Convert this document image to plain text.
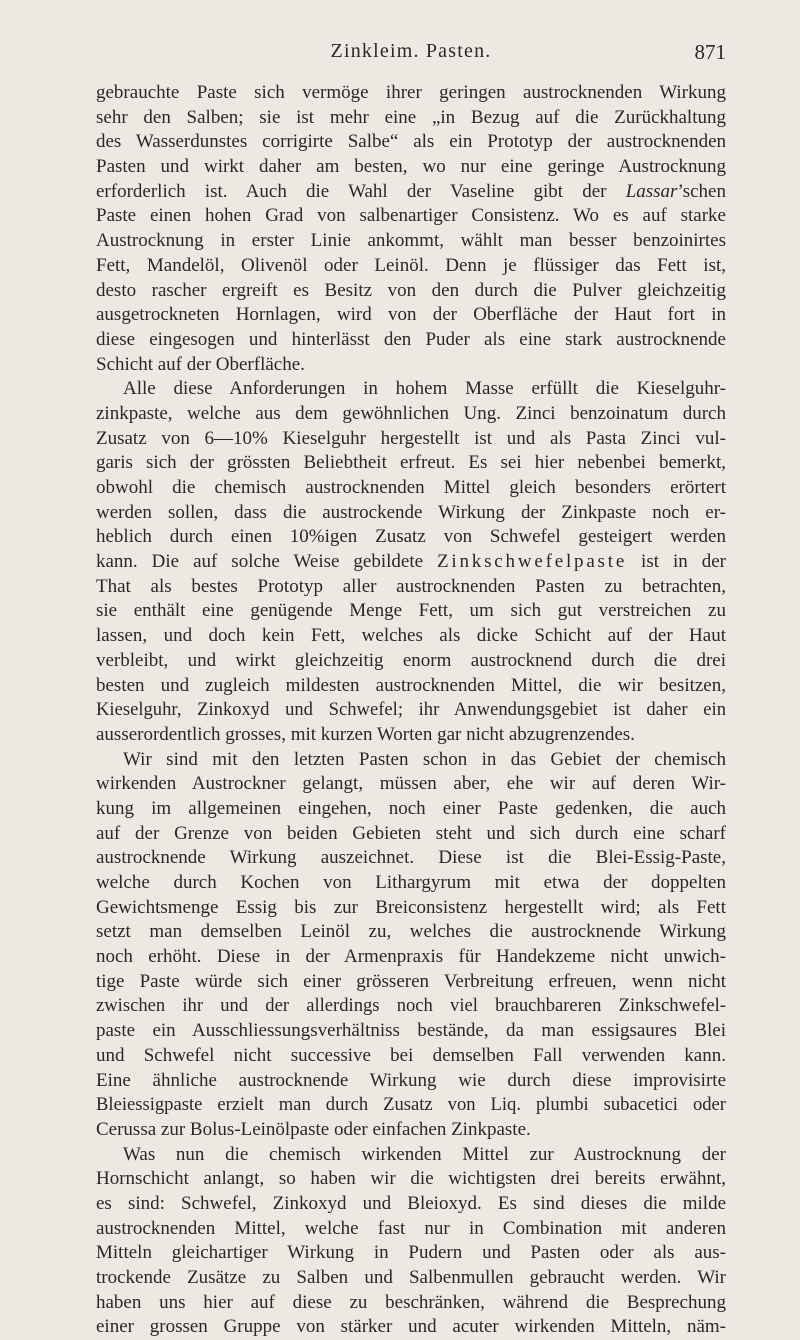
Zinkleim. Pasten.	871
gebrauchte Paste sich vermöge ihrer geringen austrocknenden Wirkung
sehr den Salben; sie ist mehr eine „in Bezug auf die Zurückhaltung
des Wasserdunstes corrigirte Salbe“ als ein Prototyp der austrocknenden
Pasten und wirkt daher am besten, wo nur eine geringe Austrocknung
erforderlich ist. Auch die Wahl der Vaseline gibt der Lassar’schen
Paste einen hohen Grad von salbenartiger Consistenz. Wo es auf starke
Austrocknung in erster Linie ankommt, wählt man besser benzoinirtes
Fett, Mandelöl, Olivenöl oder Leinöl. Denn je flüssiger das Fett ist,
desto rascher ergreift es Besitz von den durch die Pulver gleichzeitig
ausgetrockneten Hornlagen, wird von der Oberfläche der Haut fort in
diese eingesogen und hinterlässt den Puder als eine stark austrocknende
Schicht auf der Oberfläche.
Alle diese Anforderungen in hohem Masse erfüllt die Kieselguhr-
zinkpaste, welche aus dem gewöhnlichen Ung. Zinci benzoinatum durch
Zusatz von 6—10% Kieselguhr hergestellt ist und als Pasta Zinci vul-
garis sich der grössten Beliebtheit erfreut. Es sei hier nebenbei bemerkt,
obwohl die chemisch austrocknenden Mittel gleich besonders erörtert
werden sollen, dass die austrockende Wirkung der Zinkpaste noch er-
heblich durch einen 10%igen Zusatz von Schwefel gesteigert werden
kann. Die auf solche Weise gebildete Zinkschwefelpaste ist in der
That als bestes Prototyp aller austrocknenden Pasten zu betrachten,
sie enthält eine genügende Menge Fett, um sich gut verstreichen zu
lassen, und doch kein Fett, welches als dicke Schicht auf der Haut
verbleibt, und wirkt gleichzeitig enorm austrocknend durch die drei
besten und zugleich mildesten austrocknenden Mittel, die wir besitzen,
Kieselguhr, Zinkoxyd und Schwefel; ihr Anwendungsgebiet ist daher ein
ausserordentlich grosses, mit kurzen Worten gar nicht abzugrenzendes.
Wir sind mit den letzten Pasten schon in das Gebiet der chemisch
wirkenden Austrockner gelangt, müssen aber, ehe wir auf deren Wir-
kung im allgemeinen eingehen, noch einer Paste gedenken, die auch
auf der Grenze von beiden Gebieten steht und sich durch eine scharf
austrocknende Wirkung auszeichnet. Diese ist die Blei-Essig-Paste,
welche durch Kochen von Lithargyrum mit etwa der doppelten
Gewichtsmenge Essig bis zur Breiconsistenz hergestellt wird; als Fett
setzt man demselben Leinöl zu, welches die austrocknende Wirkung
noch erhöht. Diese in der Armenpraxis für Handekzeme nicht unwich-
tige Paste würde sich einer grösseren Verbreitung erfreuen, wenn nicht
zwischen ihr und der allerdings noch viel brauchbareren Zinkschwefel-
paste ein Ausschliessungsverhältniss bestände, da man essigsaures Blei
und Schwefel nicht successive bei demselben Fall verwenden kann.
Eine ähnliche austrocknende Wirkung wie durch diese improvisirte
Bleiessigpaste erzielt man durch Zusatz von Liq. plumbi subacetici oder
Cerussa zur Bolus-Leinölpaste oder einfachen Zinkpaste.
Was nun die chemisch wirkenden Mittel zur Austrocknung der
Hornschicht anlangt, so haben wir die wichtigsten drei bereits erwähnt,
es sind: Schwefel, Zinkoxyd und Bleioxyd. Es sind dieses die milde
austrocknenden Mittel, welche fast nur in Combination mit anderen
Mitteln gleichartiger Wirkung in Pudern und Pasten oder als aus-
trockende Zusätze zu Salben und Salbenmullen gebraucht werden. Wir
haben uns hier auf diese zu beschränken, während die Besprechung
einer grossen Gruppe von stärker und acuter wirkenden Mitteln, näm-
